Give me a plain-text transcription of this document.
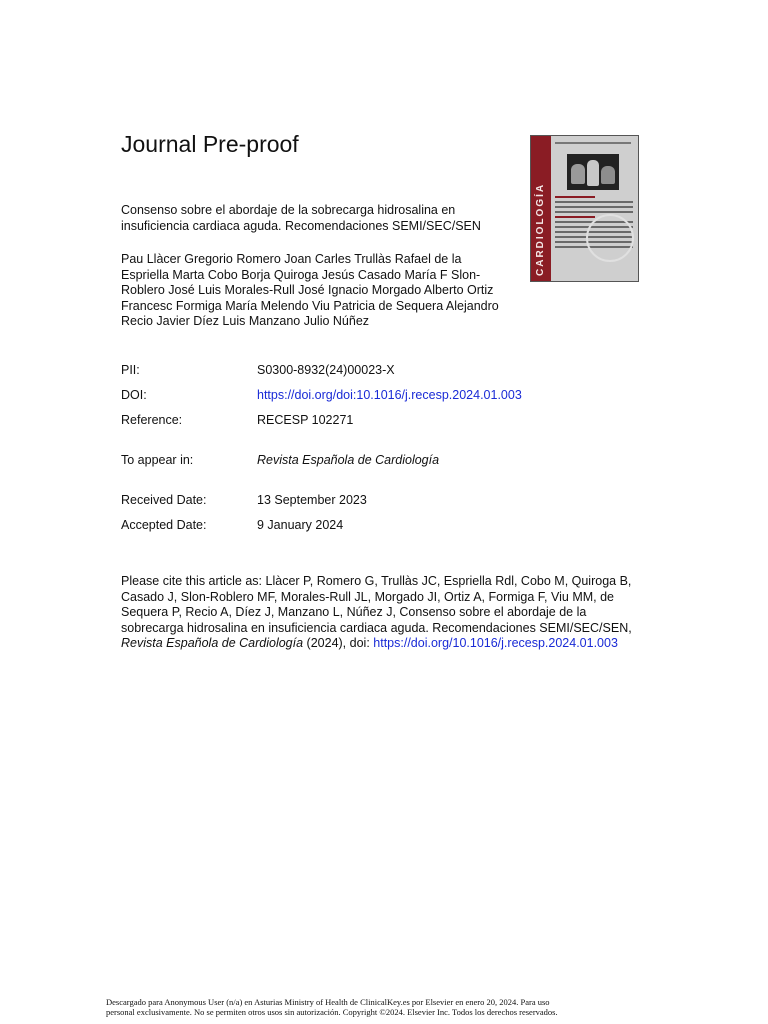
Journal Pre-proof
CARDIOLOGÍA
Consenso sobre el abordaje de la sobrecarga hidrosalina en insuficiencia cardiaca aguda. Recomendaciones SEMI/SEC/SEN
Pau Llàcer Gregorio Romero Joan Carles Trullàs Rafael de la Espriella Marta Cobo Borja Quiroga Jesús Casado María F Slon-Roblero José Luis Morales-Rull José Ignacio Morgado Alberto Ortiz Francesc Formiga María Melendo Viu Patricia de Sequera Alejandro Recio Javier Díez Luis Manzano Julio Núñez
PII:	S0300-8932(24)00023-X
DOI:	https://doi.org/doi:10.1016/j.recesp.2024.01.003
Reference:	RECESP 102271
To appear in:	Revista Española de Cardiología
Received Date:	13 September 2023
Accepted Date:	9 January 2024
Please cite this article as: Llàcer P, Romero G, Trullàs JC, Espriella Rdl, Cobo M, Quiroga B, Casado J, Slon-Roblero MF, Morales-Rull JL, Morgado JI, Ortiz A, Formiga F, Viu MM, de Sequera P, Recio A, Díez J, Manzano L, Núñez J, Consenso sobre el abordaje de la sobrecarga hidrosalina en insuficiencia cardiaca aguda. Recomendaciones SEMI/SEC/SEN, Revista Española de Cardiología (2024), doi: https://doi.org/10.1016/j.recesp.2024.01.003
Descargado para Anonymous User (n/a) en Asturias Ministry of Health de ClinicalKey.es por Elsevier en enero 20, 2024. Para uso
personal exclusivamente. No se permiten otros usos sin autorización. Copyright ©2024. Elsevier Inc. Todos los derechos reservados.
